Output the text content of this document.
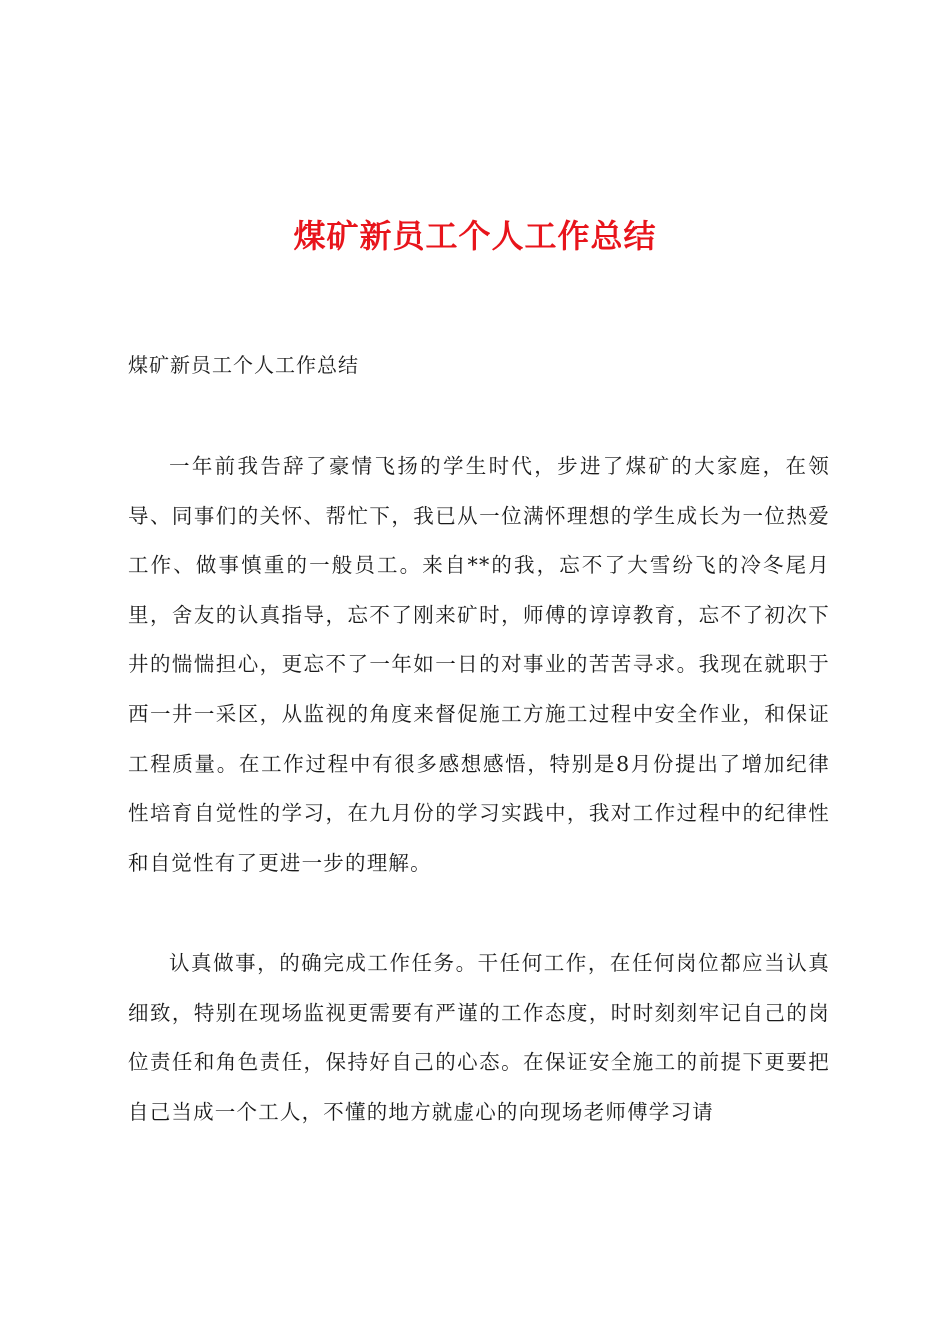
煤矿新员工个人工作总结

煤矿新员工个人工作总结

一年前我告辞了豪情飞扬的学生时代，步进了煤矿的大家庭，在领导、同事们的关怀、帮忙下，我已从一位满怀理想的学生成长为一位热爱工作、做事慎重的一般员工。来自**的我，忘不了大雪纷飞的冷冬尾月里，舍友的认真指导，忘不了刚来矿时，师傅的谆谆教育，忘不了初次下井的惴惴担心，更忘不了一年如一日的对事业的苦苦寻求。我现在就职于西一井一采区，从监视的角度来督促施工方施工过程中安全作业，和保证工程质量。在工作过程中有很多感想感悟，特别是8月份提出了增加纪律性培育自觉性的学习，在九月份的学习实践中，我对工作过程中的纪律性和自觉性有了更进一步的理解。

认真做事，的确完成工作任务。干任何工作，在任何岗位都应当认真细致，特别在现场监视更需要有严谨的工作态度，时时刻刻牢记自己的岗位责任和角色责任，保持好自己的心态。在保证安全施工的前提下更要把自己当成一个工人，不懂的地方就虚心的向现场老师傅学习请
